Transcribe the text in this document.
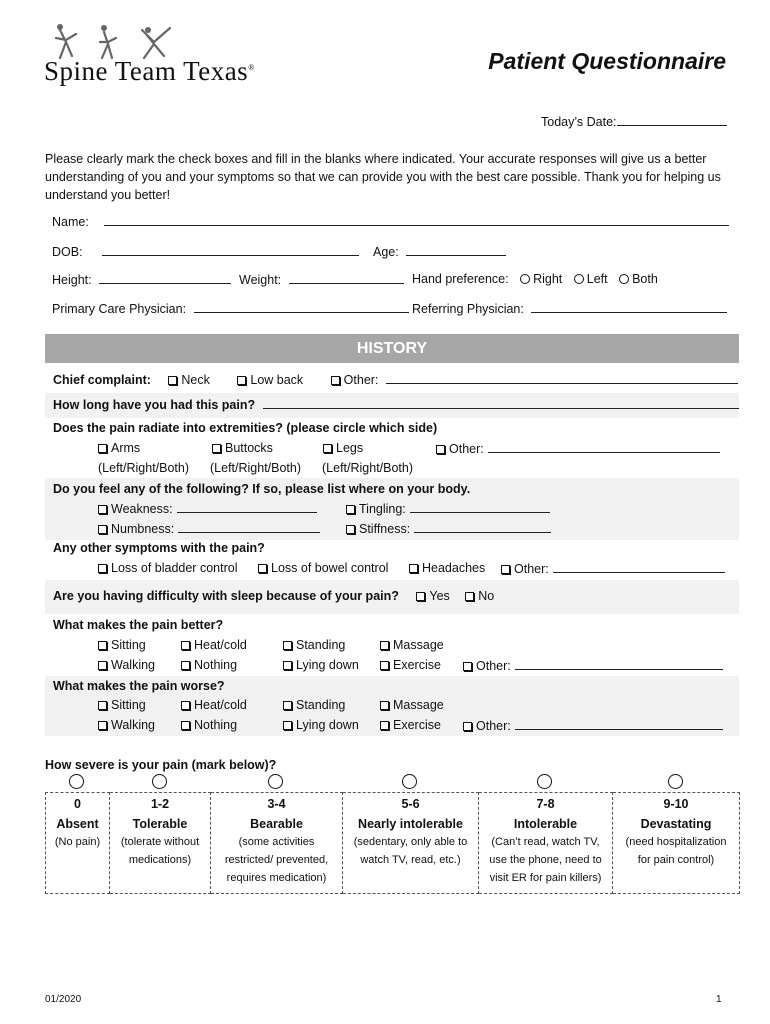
Spine Team Texas®	Patient Questionnaire
Today’s Date:
Please clearly mark the check boxes and fill in the blanks where indicated. Your accurate responses will give us a better understanding of you and your symptoms so that we can provide you with the best care possible. Thank you for helping us understand you better!
Name:
DOB:	Age:
Height:	Weight:	Hand preference: Right Left Both
Primary Care Physician:	Referring Physician:
HISTORY
Chief complaint: Neck	Low back	Other:
How long have you had this pain?
Does the pain radiate into extremities? (please circle which side)
Arms	Buttocks	Legs	Other:
(Left/Right/Both) (Left/Right/Both) (Left/Right/Both)
Do you feel any of the following? If so, please list where on your body.
Weakness:	Tingling:
Numbness:	Stiffness:
Any other symptoms with the pain?
Loss of bladder control	Loss of bowel control	Headaches	Other:
Are you having difficulty with sleep because of your pain? Yes No
What makes the pain better?
Sitting	Heat/cold	Standing	Massage
Walking	Nothing	Lying down	Exercise	Other:
What makes the pain worse?
Sitting	Heat/cold	Standing	Massage
Walking	Nothing	Lying down	Exercise	Other:
How severe is your pain (mark below)?
0
Absent
(No pain)

1-2
Tolerable
(tolerate without
medications)

3-4
Bearable
(some activities
restricted/ prevented,
requires medication)

5-6
Nearly intolerable
(sedentary, only able to
watch TV, read, etc.)

7-8
Intolerable
(Can’t read, watch TV,
use the phone, need to
visit ER for pain killers)

9-10
Devastating
(need hospitalization
for pain control)
01/2020	1
